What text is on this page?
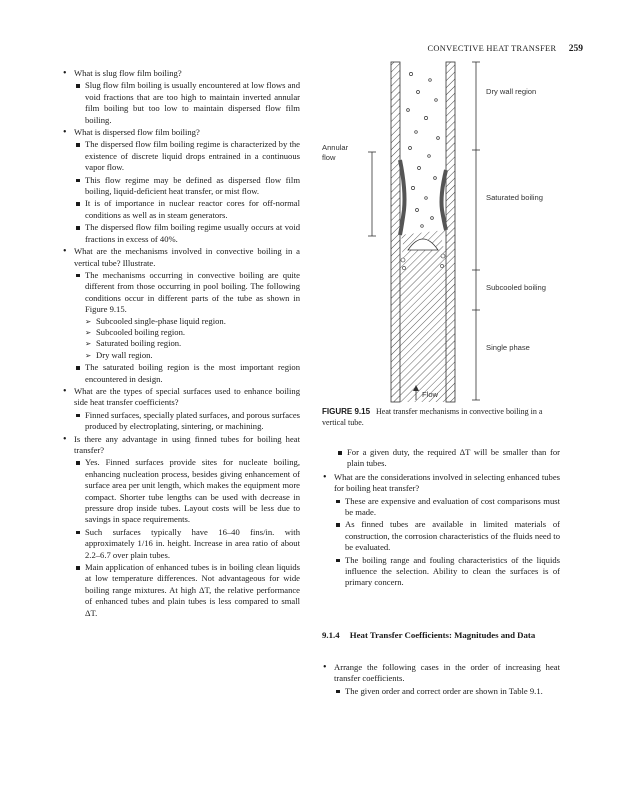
CONVECTIVE HEAT TRANSFER 259
• What is slug flow film boiling?
Slug flow film boiling is usually encountered at low flows and void fractions that are too high to maintain inverted annular film boiling but too low to maintain dispersed flow film boiling.
• What is dispersed flow film boiling?
The dispersed flow film boiling regime is characterized by the existence of discrete liquid drops entrained in a continuous vapor flow.
This flow regime may be defined as dispersed flow film boiling, liquid-deficient heat transfer, or mist flow.
It is of importance in nuclear reactor cores for off-normal conditions as well as in steam generators.
The dispersed flow film boiling regime usually occurs at void fractions in excess of 40%.
• What are the mechanisms involved in convective boiling in a vertical tube? Illustrate.
The mechanisms occurring in convective boiling are quite different from those occurring in pool boiling. The following conditions occur in different parts of the tube as shown in Figure 9.15.
➢ Subcooled single-phase liquid region.
➢ Subcooled boiling region.
➢ Saturated boiling region.
➢ Dry wall region.
The saturated boiling region is the most important region encountered in design.
• What are the types of special surfaces used to enhance boiling side heat transfer coefficients?
Finned surfaces, specially plated surfaces, and porous surfaces produced by electroplating, sintering, or machining.
• Is there any advantage in using finned tubes for boiling heat transfer?
Yes. Finned surfaces provide sites for nucleate boiling, enhancing nucleation process, besides giving enhancement of surface area per unit length, which makes the equipment more compact. Shorter tube lengths can be used with decrease in pressure drop inside tubes. Layout costs will be less due to savings in space requirements.
Such surfaces typically have 16–40 fins/in. with approximately 1/16 in. height. Increase in area ratio of about 2.2–6.7 over plain tubes.
Main application of enhanced tubes is in boiling clean liquids at low temperature differences. Not advantageous for wide boiling range mixtures. At high ΔT, the relative performance of enhanced tubes and plain tubes is less compared to small ΔT.
Dry wall region
Annular
flow
Saturated boiling
Subcooled boiling
Single phase
Flow
FIGURE 9.15 Heat transfer mechanisms in convective boiling in a vertical tube.
For a given duty, the required ΔT will be smaller than for plain tubes.
• What are the considerations involved in selecting enhanced tubes for boiling heat transfer?
These are expensive and evaluation of cost comparisons must be made.
As finned tubes are available in limited materials of construction, the corrosion characteristics of the fluids need to be evaluated.
The boiling range and fouling characteristics of the liquids influence the selection. Ability to clean the surfaces is of primary concern.
9.1.4 Heat Transfer Coefficients: Magnitudes and Data
• Arrange the following cases in the order of increasing heat transfer coefficients.
The given order and correct order are shown in Table 9.1.
